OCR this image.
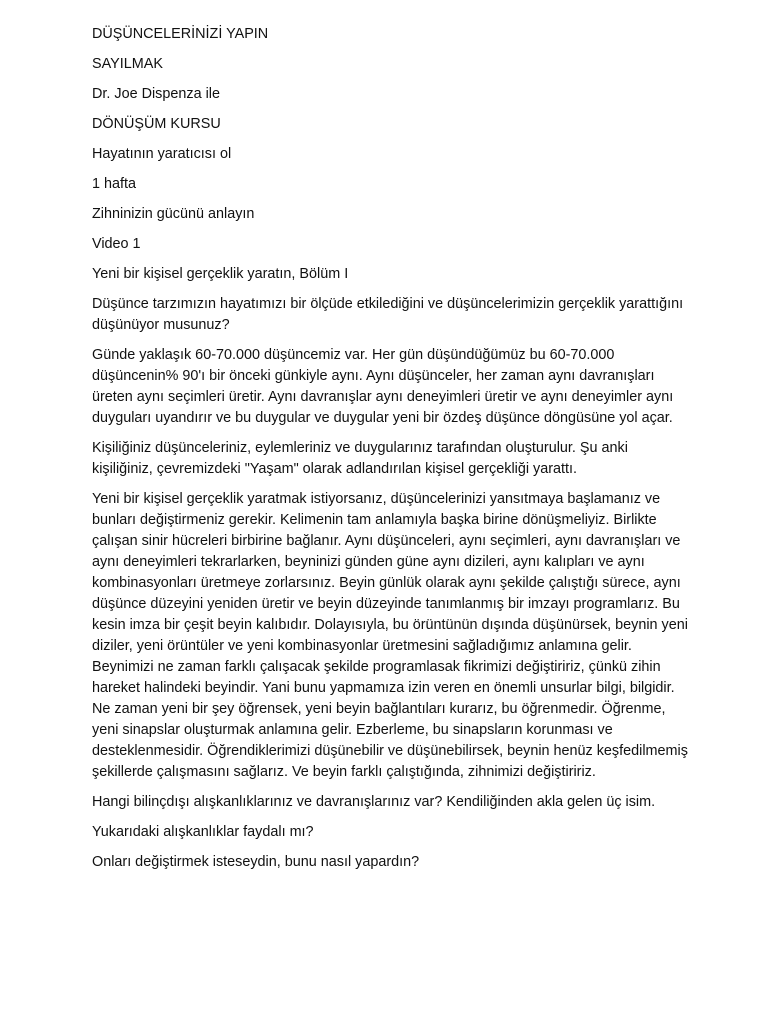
DÜŞÜNCELERİNİZİ YAPIN

SAYILMAK

Dr. Joe Dispenza ile

DÖNÜŞÜM KURSU

Hayatının yaratıcısı ol

1 hafta

Zihninizin gücünü anlayın

Video 1

Yeni bir kişisel gerçeklik yaratın, Bölüm I

Düşünce tarzımızın hayatımızı bir ölçüde etkilediğini ve düşüncelerimizin gerçeklik yarattığını düşünüyor musunuz?

Günde yaklaşık 60-70.000 düşüncemiz var. Her gün düşündüğümüz bu 60-70.000 düşüncenin% 90'ı bir önceki günkiyle aynı. Aynı düşünceler, her zaman aynı davranışları üreten aynı seçimleri üretir. Aynı davranışlar aynı deneyimleri üretir ve aynı deneyimler aynı duyguları uyandırır ve bu duygular ve duygular yeni bir özdeş düşünce döngüsüne yol açar.

Kişiliğiniz düşünceleriniz, eylemleriniz ve duygularınız tarafından oluşturulur. Şu anki kişiliğiniz, çevremizdeki "Yaşam" olarak adlandırılan kişisel gerçekliği yarattı.

Yeni bir kişisel gerçeklik yaratmak istiyorsanız, düşüncelerinizi yansıtmaya başlamanız ve bunları değiştirmeniz gerekir. Kelimenin tam anlamıyla başka birine dönüşmeliyiz. Birlikte çalışan sinir hücreleri birbirine bağlanır. Aynı düşünceleri, aynı seçimleri, aynı davranışları ve aynı deneyimleri tekrarlarken, beyninizi günden güne aynı dizileri, aynı kalıpları ve aynı kombinasyonları üretmeye zorlarsınız. Beyin günlük olarak aynı şekilde çalıştığı sürece, aynı düşünce düzeyini yeniden üretir ve beyin düzeyinde tanımlanmış bir imzayı programlarız. Bu kesin imza bir çeşit beyin kalıbıdır. Dolayısıyla, bu örüntünün dışında düşünürsek, beynin yeni diziler, yeni örüntüler ve yeni kombinasyonlar üretmesini sağladığımız anlamına gelir. Beynimizi ne zaman farklı çalışacak şekilde programlasak fikrimizi değiştiririz, çünkü zihin hareket halindeki beyindir. Yani bunu yapmamıza izin veren en önemli unsurlar bilgi, bilgidir. Ne zaman yeni bir şey öğrensek, yeni beyin bağlantıları kurarız, bu öğrenmedir. Öğrenme, yeni sinapslar oluşturmak anlamına gelir. Ezberleme, bu sinapsların korunması ve desteklenmesidir. Öğrendiklerimizi düşünebilir ve düşünebilirsek, beynin henüz keşfedilmemiş şekillerde çalışmasını sağlarız. Ve beyin farklı çalıştığında, zihnimizi değiştiririz.

Hangi bilinçdışı alışkanlıklarınız ve davranışlarınız var? Kendiliğinden akla gelen üç isim.

Yukarıdaki alışkanlıklar faydalı mı?

Onları değiştirmek isteseydin, bunu nasıl yapardın?
